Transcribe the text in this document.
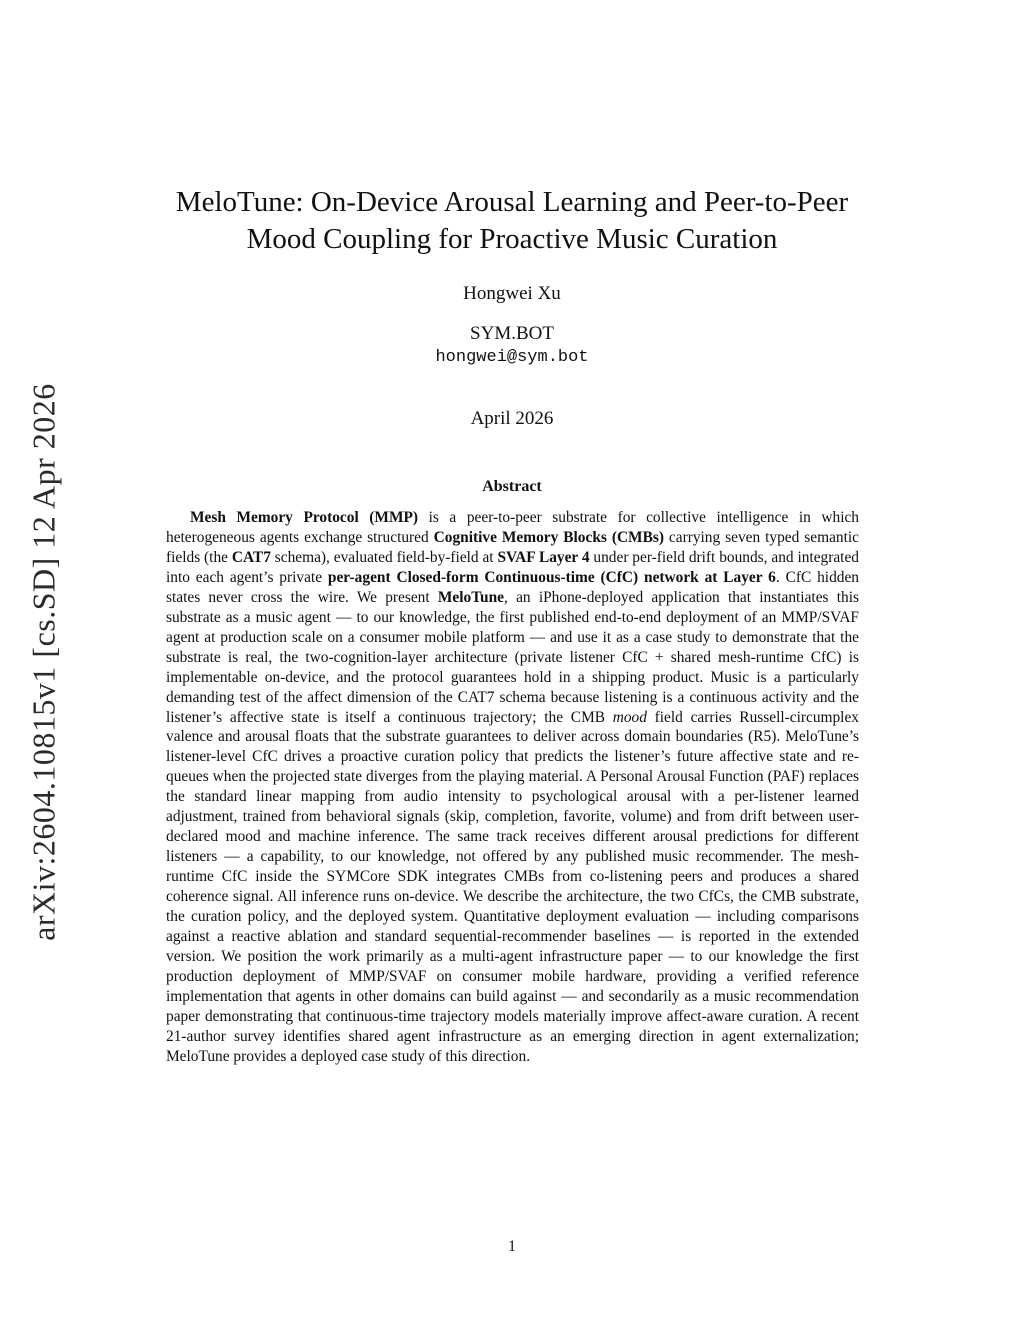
arXiv:2604.10815v1 [cs.SD] 12 Apr 2026
MeloTune: On-Device Arousal Learning and Peer-to-Peer Mood Coupling for Proactive Music Curation
Hongwei Xu
SYM.BOT
hongwei@sym.bot
April 2026
Abstract

Mesh Memory Protocol (MMP) is a peer-to-peer substrate for collective intelligence in which heterogeneous agents exchange structured Cognitive Memory Blocks (CMBs) carrying seven typed semantic fields (the CAT7 schema), evaluated field-by-field at SVAF Layer 4 under per-field drift bounds, and integrated into each agent’s private per-agent Closed-form Continuous-time (CfC) network at Layer 6. CfC hidden states never cross the wire. We present MeloTune, an iPhone-deployed application that instantiates this substrate as a music agent — to our knowledge, the first published end-to-end deployment of an MMP/SVAF agent at production scale on a consumer mobile platform — and use it as a case study to demonstrate that the substrate is real, the two-cognition-layer architecture (private listener CfC + shared mesh-runtime CfC) is implementable on-device, and the protocol guarantees hold in a shipping product. Music is a particularly demanding test of the affect dimension of the CAT7 schema because listening is a continuous activity and the listener’s affective state is itself a continuous trajectory; the CMB mood field carries Russell-circumplex valence and arousal floats that the substrate guarantees to deliver across domain boundaries (R5). MeloTune’s listener-level CfC drives a proactive curation policy that predicts the listener’s future affective state and re-queues when the projected state diverges from the playing material. A Personal Arousal Function (PAF) replaces the standard linear mapping from audio intensity to psychological arousal with a per-listener learned adjustment, trained from behavioral signals (skip, completion, favorite, volume) and from drift between user-declared mood and machine inference. The same track receives different arousal predictions for different listeners — a capability, to our knowledge, not offered by any published music recommender. The mesh-runtime CfC inside the SYMCore SDK integrates CMBs from co-listening peers and produces a shared coherence signal. All inference runs on-device. We describe the architecture, the two CfCs, the CMB substrate, the curation policy, and the deployed system. Quantitative deployment evaluation — including comparisons against a reactive ablation and standard sequential-recommender baselines — is reported in the extended version. We position the work primarily as a multi-agent infrastructure paper — to our knowledge the first production deployment of MMP/SVAF on consumer mobile hardware, providing a verified reference implementation that agents in other domains can build against — and secondarily as a music recommendation paper demonstrating that continuous-time trajectory models materially improve affect-aware curation. A recent 21-author survey identifies shared agent infrastructure as an emerging direction in agent externalization; MeloTune provides a deployed case study of this direction.

1
